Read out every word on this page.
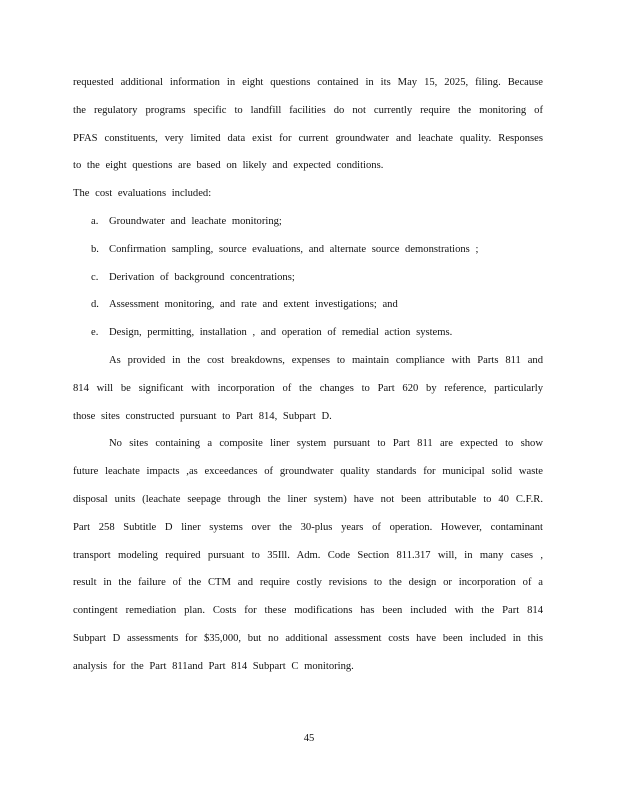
requested additional information in eight questions contained in its May 15, 2025, filing. Because
the regulatory programs specific to landfill facilities do not currently require the monitoring of
PFAS constituents, very limited data exist for current groundwater and leachate quality. Responses
to the eight questions are based on likely and expected conditions.

The cost evaluations included:

a.	Groundwater and leachate monitoring;
b. Confirmation sampling, source evaluations, and alternate source demonstrations ;
c.	Derivation of background concentrations;
d. Assessment monitoring, and rate and extent investigations; and
e.	Design, permitting, installation , and operation of remedial action systems.

As provided in the cost breakdowns, expenses to maintain compliance with Parts 811 and
814 will be significant with incorporation of the changes to Part 620 by reference, particularly
those sites constructed pursuant to Part 814, Subpart D.

No sites containing a composite liner system pursuant to Part 811 are expected to show
future leachate impacts ,as exceedances of groundwater quality standards for municipal solid waste
disposal units (leachate seepage through the liner system) have not been attributable to 40 C.F.R.
Part 258 Subtitle D liner systems over the 30-plus years of operation. However, contaminant
transport modeling required pursuant to 35Ill. Adm. Code Section 811.317 will, in many cases ,
result in the failure of the CTM and require costly revisions to the design or incorporation of a
contingent remediation plan. Costs for these modifications has been included with the Part 814
Subpart D assessments for $35,000, but no additional assessment costs have been included in this
analysis for the Part 811and Part 814 Subpart C monitoring.

45
